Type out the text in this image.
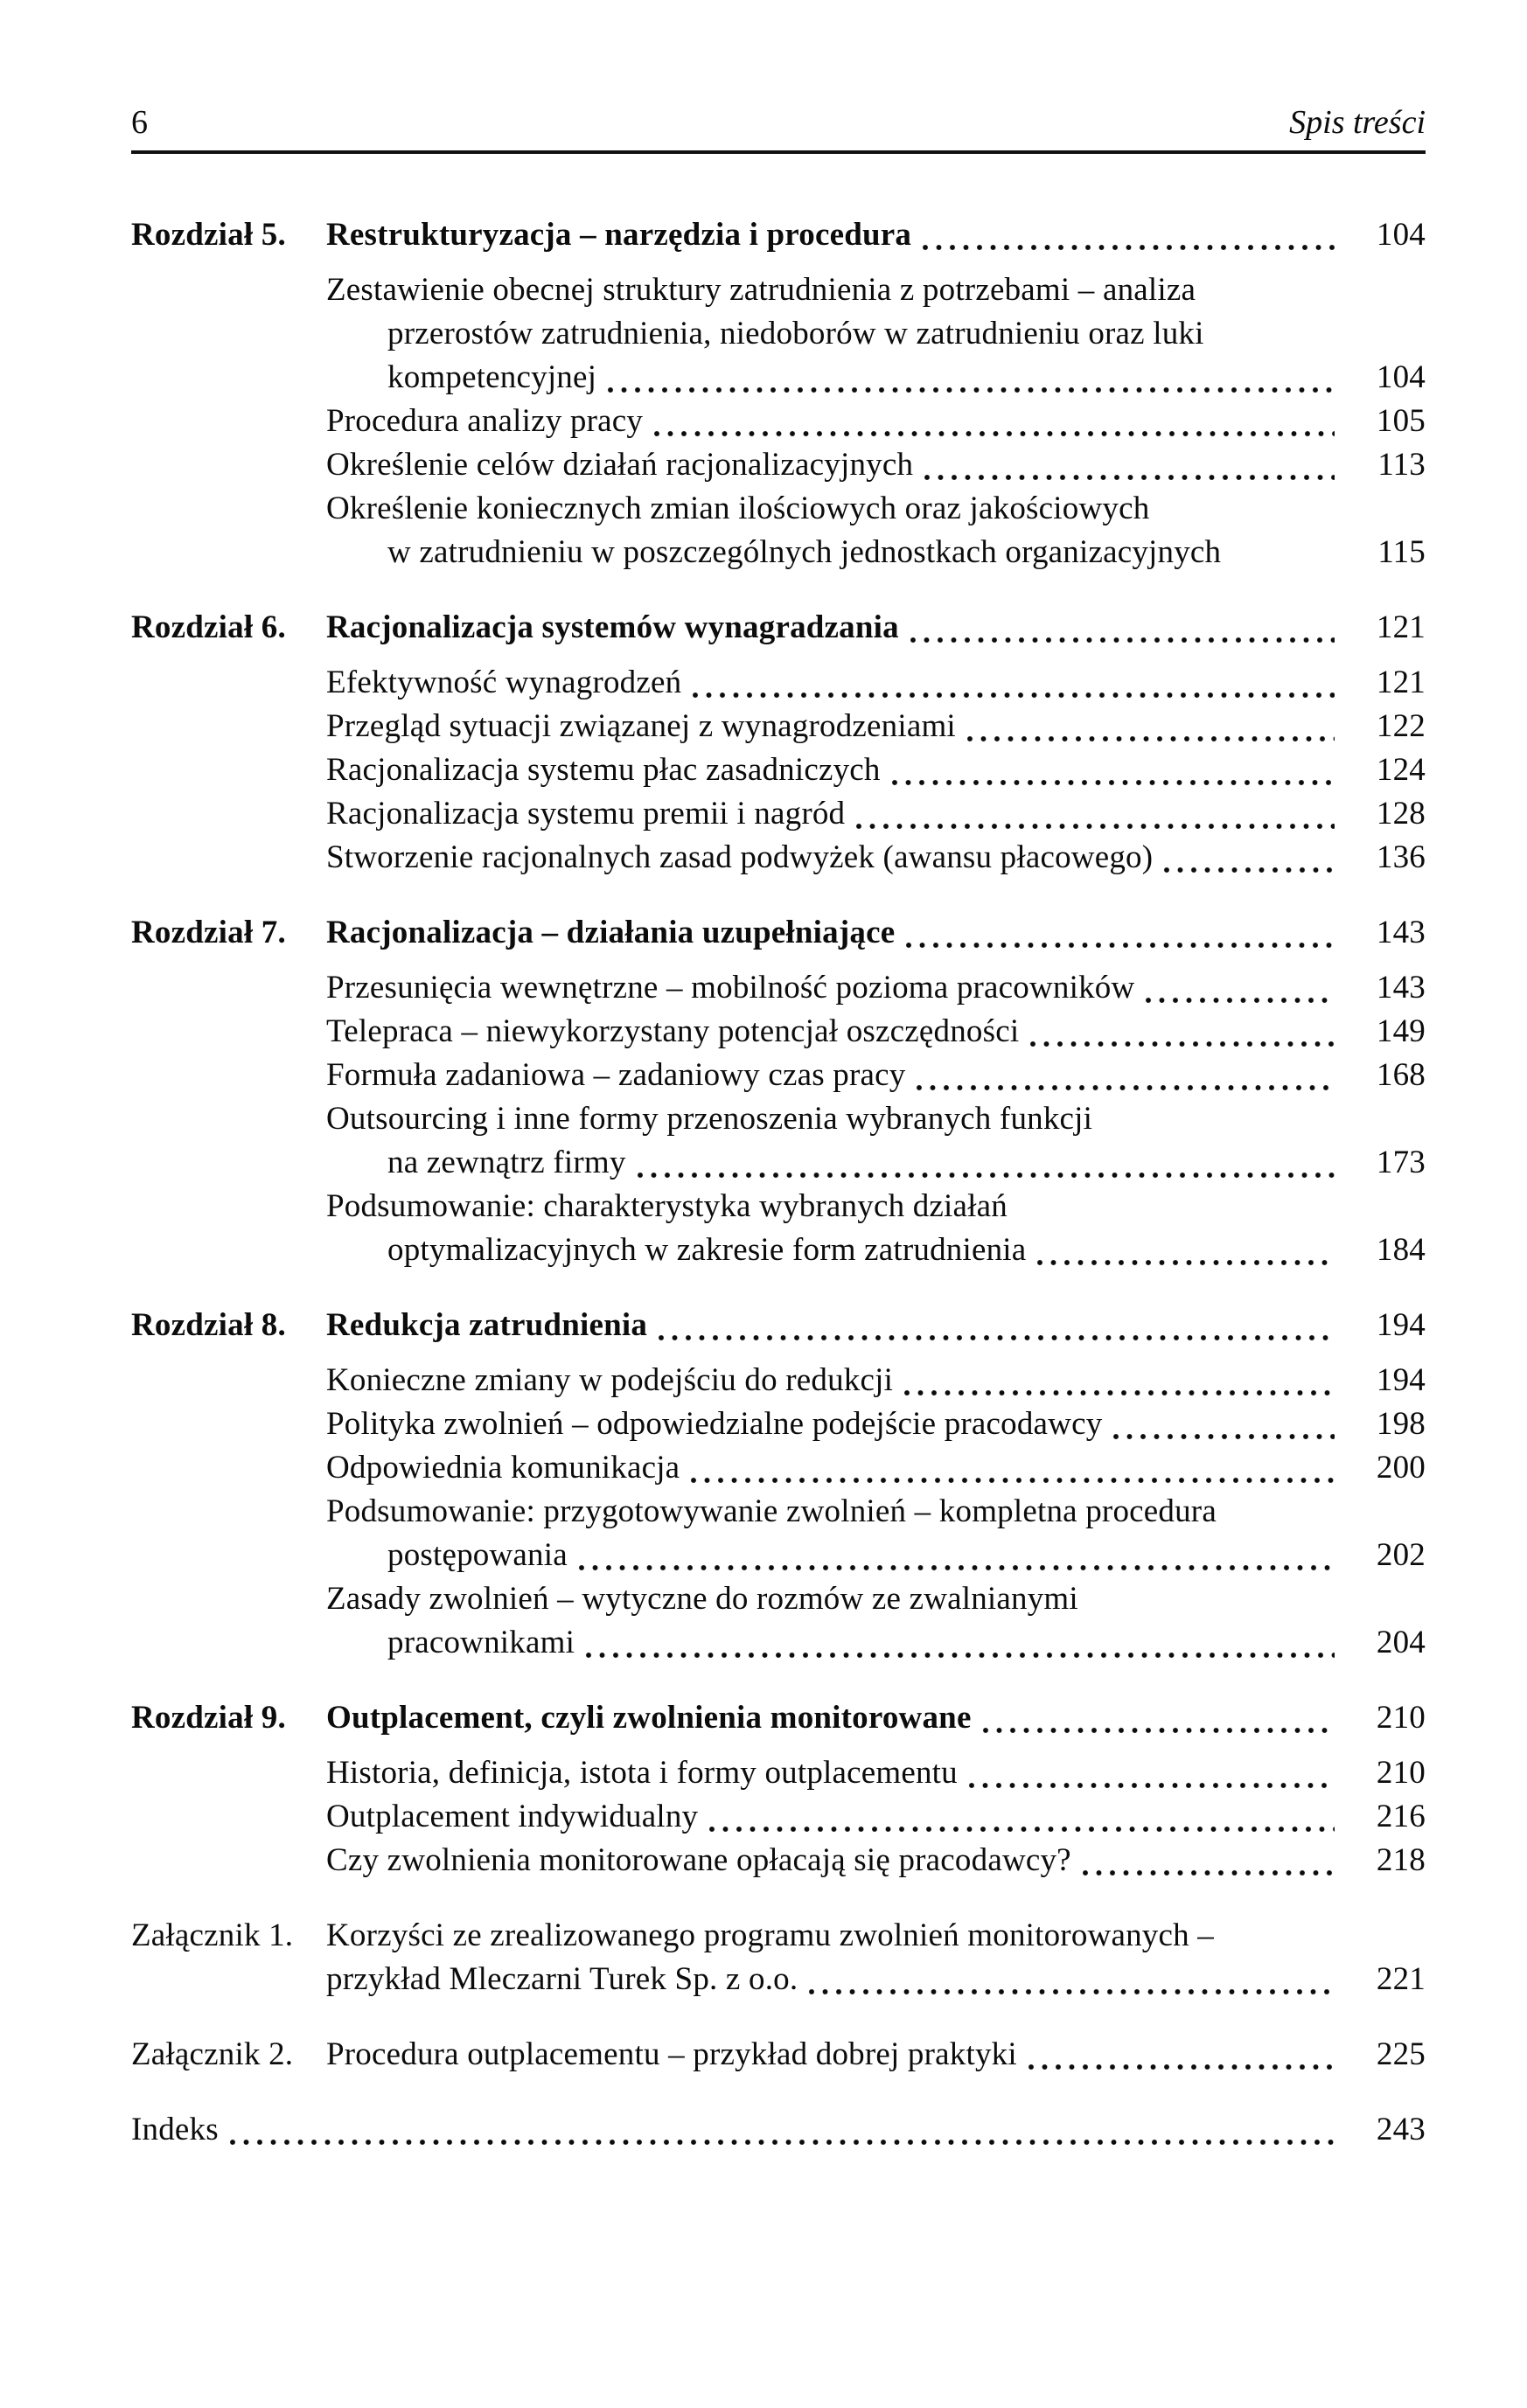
6	Spis treści
Rozdział 5.	Restrukturyzacja – narzędzia i procedura	104
Zestawienie obecnej struktury zatrudnienia z potrzebami – analiza
przerostów zatrudnienia, niedoborów w zatrudnieniu oraz luki
kompetencyjnej	104
Procedura analizy pracy	105
Określenie celów działań racjonalizacyjnych	113
Określenie koniecznych zmian ilościowych oraz jakościowych
w zatrudnieniu w poszczególnych jednostkach organizacyjnych	115
Rozdział 6.	Racjonalizacja systemów wynagradzania	121
Efektywność wynagrodzeń	121
Przegląd sytuacji związanej z wynagrodzeniami	122
Racjonalizacja systemu płac zasadniczych	124
Racjonalizacja systemu premii i nagród	128
Stworzenie racjonalnych zasad podwyżek (awansu płacowego)	136
Rozdział 7.	Racjonalizacja – działania uzupełniające	143
Przesunięcia wewnętrzne – mobilność pozioma pracowników	143
Telepraca – niewykorzystany potencjał oszczędności	149
Formuła zadaniowa – zadaniowy czas pracy	168
Outsourcing i inne formy przenoszenia wybranych funkcji
na zewnątrz firmy	173
Podsumowanie: charakterystyka wybranych działań
optymalizacyjnych w zakresie form zatrudnienia	184
Rozdział 8.	Redukcja zatrudnienia	194
Konieczne zmiany w podejściu do redukcji	194
Polityka zwolnień – odpowiedzialne podejście pracodawcy	198
Odpowiednia komunikacja	200
Podsumowanie: przygotowywanie zwolnień – kompletna procedura
postępowania	202
Zasady zwolnień – wytyczne do rozmów ze zwalnianymi
pracownikami	204
Rozdział 9.	Outplacement, czyli zwolnienia monitorowane	210
Historia, definicja, istota i formy outplacementu	210
Outplacement indywidualny	216
Czy zwolnienia monitorowane opłacają się pracodawcy?	218
Załącznik 1.	Korzyści ze zrealizowanego programu zwolnień monitorowanych –
przykład Mleczarni Turek Sp. z o.o.	221
Załącznik 2.	Procedura outplacementu – przykład dobrej praktyki	225
Indeks	243
